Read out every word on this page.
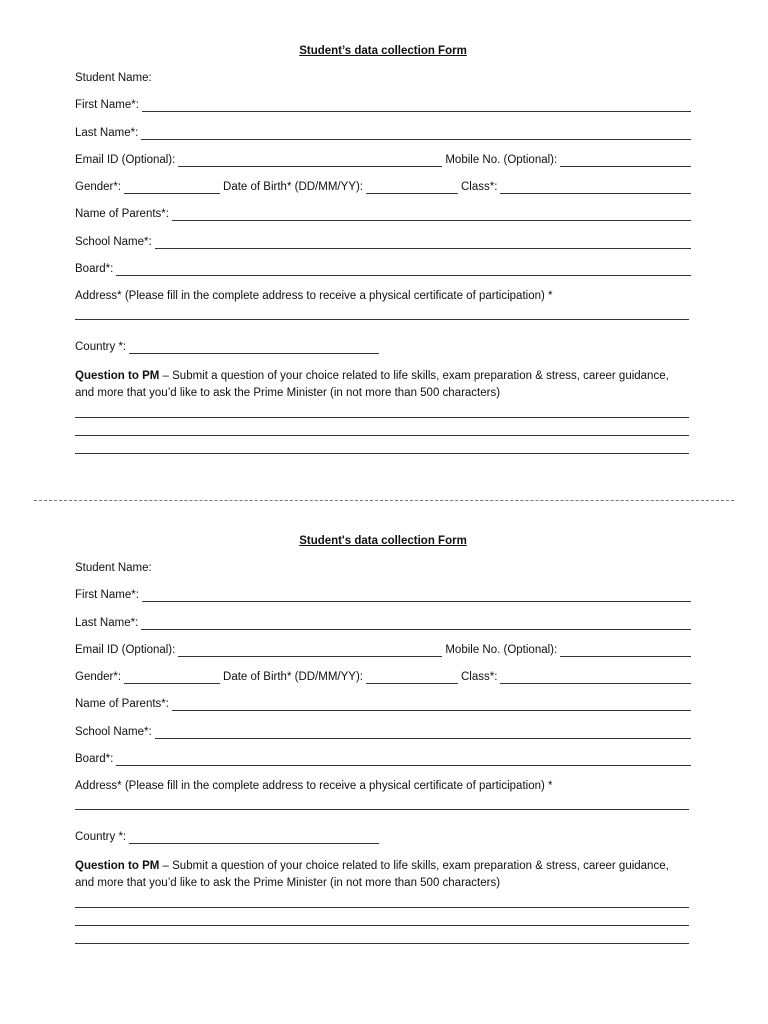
Student’s data collection Form
Student Name:
First Name*:
Last Name*:
Email ID (Optional):	Mobile No. (Optional):
Gender*:	Date of Birth* (DD/MM/YY):	Class*:
Name of Parents*:
School Name*:
Board*:
Address* (Please fill in the complete address to receive a physical certificate of participation) *
Country *:
Question to PM – Submit a question of your choice related to life skills, exam preparation & stress, career guidance, and more that you’d like to ask the Prime Minister (in not more than 500 characters)
Student's data collection Form
Student Name:
First Name*:
Last Name*:
Email ID (Optional):	Mobile No. (Optional):
Gender*:	Date of Birth* (DD/MM/YY):	Class*:
Name of Parents*:
School Name*:
Board*:
Address* (Please fill in the complete address to receive a physical certificate of participation) *
Country *:
Question to PM – Submit a question of your choice related to life skills, exam preparation & stress, career guidance, and more that you’d like to ask the Prime Minister (in not more than 500 characters)
